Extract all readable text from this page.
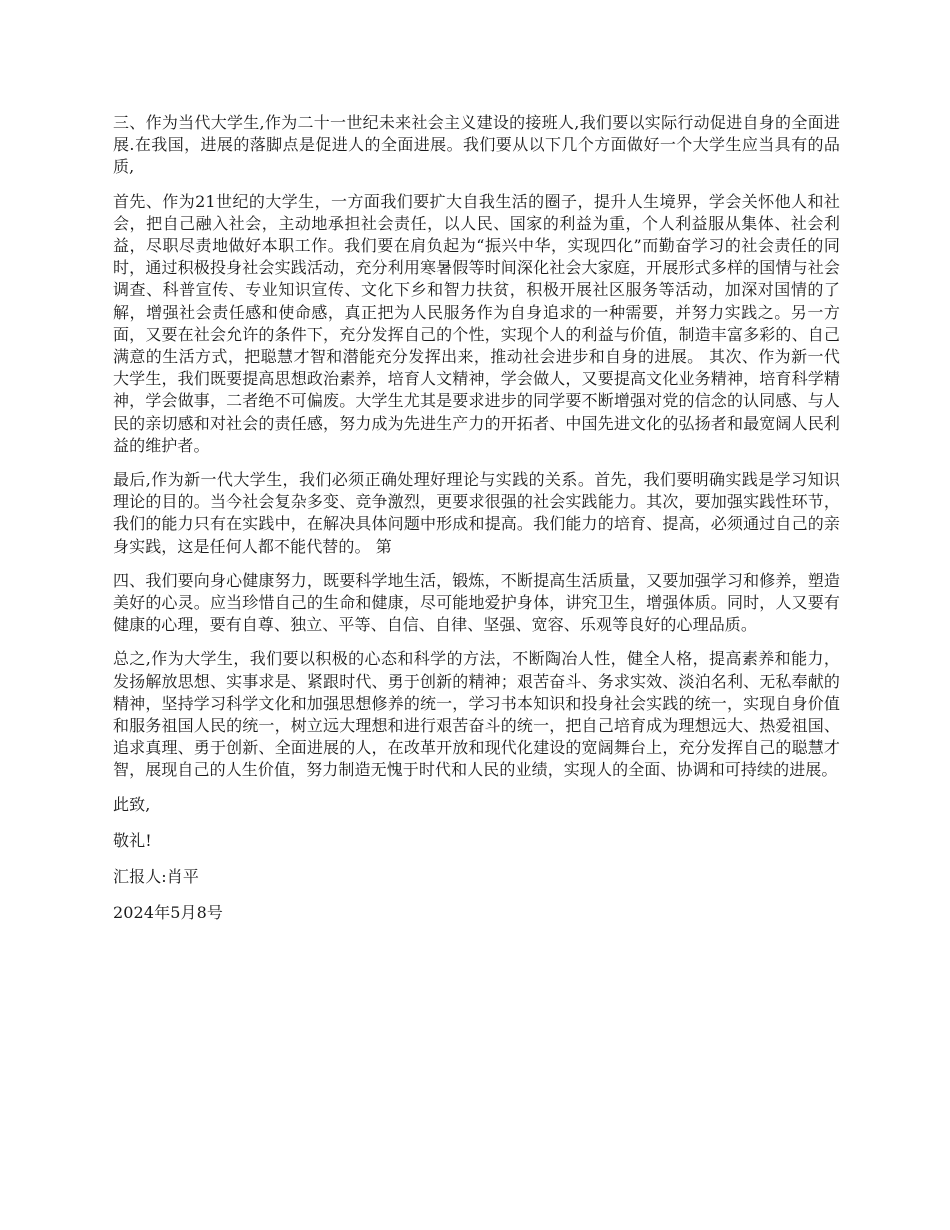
三、作为当代大学生,作为二十一世纪未来社会主义建设的接班人,我们要以实际行动促进自身的全面进展.在我国，进展的落脚点是促进人的全面进展。我们要从以下几个方面做好一个大学生应当具有的品质,

首先、作为21世纪的大学生，一方面我们要扩大自我生活的圈子，提升人生境界，学会关怀他人和社会，把自己融入社会，主动地承担社会责任，以人民、国家的利益为重，个人利益服从集体、社会利益，尽职尽责地做好本职工作。我们要在肩负起为“振兴中华，实现四化”而勤奋学习的社会责任的同时，通过积极投身社会实践活动，充分利用寒暑假等时间深化社会大家庭，开展形式多样的国情与社会调查、科普宣传、专业知识宣传、文化下乡和智力扶贫，积极开展社区服务等活动，加深对国情的了解，增强社会责任感和使命感，真正把为人民服务作为自身追求的一种需要，并努力实践之。另一方面，又要在社会允许的条件下，充分发挥自己的个性，实现个人的利益与价值，制造丰富多彩的、自己满意的生活方式，把聪慧才智和潜能充分发挥出来，推动社会进步和自身的进展。 其次、作为新一代大学生，我们既要提高思想政治素养，培育人文精神，学会做人，又要提高文化业务精神，培育科学精神，学会做事，二者绝不可偏废。大学生尤其是要求进步的同学要不断增强对党的信念的认同感、与人民的亲切感和对社会的责任感，努力成为先进生产力的开拓者、中国先进文化的弘扬者和最宽阔人民利益的维护者。

最后,作为新一代大学生，我们必须正确处理好理论与实践的关系。首先，我们要明确实践是学习知识理论的目的。当今社会复杂多变、竞争激烈，更要求很强的社会实践能力。其次，要加强实践性环节，我们的能力只有在实践中，在解决具体问题中形成和提高。我们能力的培育、提高，必须通过自己的亲身实践，这是任何人都不能代替的。 第

四、我们要向身心健康努力，既要科学地生活，锻炼，不断提高生活质量，又要加强学习和修养，塑造美好的心灵。应当珍惜自己的生命和健康，尽可能地爱护身体，讲究卫生，增强体质。同时，人又要有健康的心理，要有自尊、独立、平等、自信、自律、坚强、宽容、乐观等良好的心理品质。

总之,作为大学生，我们要以积极的心态和科学的方法，不断陶冶人性，健全人格，提高素养和能力，发扬解放思想、实事求是、紧跟时代、勇于创新的精神；艰苦奋斗、务求实效、淡泊名利、无私奉献的精神，坚持学习科学文化和加强思想修养的统一，学习书本知识和投身社会实践的统一，实现自身价值和服务祖国人民的统一，树立远大理想和进行艰苦奋斗的统一，把自己培育成为理想远大、热爱祖国、追求真理、勇于创新、全面进展的人，在改革开放和现代化建设的宽阔舞台上，充分发挥自己的聪慧才智，展现自己的人生价值，努力制造无愧于时代和人民的业绩，实现人的全面、协调和可持续的进展。

此致,

敬礼!

汇报人:肖平

2024年5月8号
